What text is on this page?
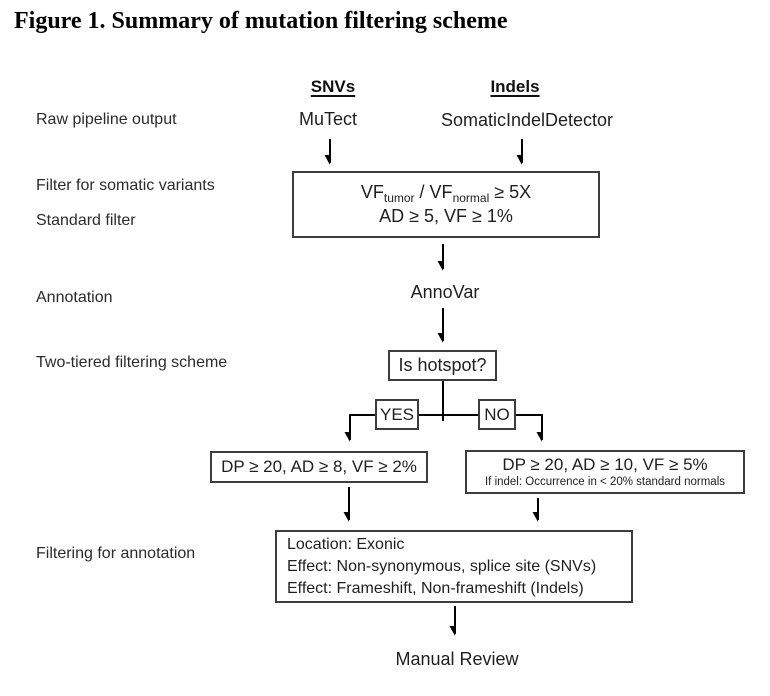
Figure 1. Summary of mutation filtering scheme
SNVs	Indels
Raw pipeline output
Filter for somatic variants
Standard filter
Annotation
Two-tiered filtering scheme
Filtering for annotation
MuTect	SomaticIndelDetector
$VF_{tumor} / VF_{normal} \ge 5X$
AD ≥ 5, VF ≥ 1%
AnnoVar
Is hotspot?
YES	NO
DP ≥ 20, AD ≥ 8, VF ≥ 2%	DP ≥ 20, AD ≥ 10, VF ≥ 5%
If indel: Occurrence in < 20% standard normals
Location: Exonic
Effect: Non-synonymous, splice site (SNVs)
Effect: Frameshift, Non-frameshift (Indels)
Manual Review
